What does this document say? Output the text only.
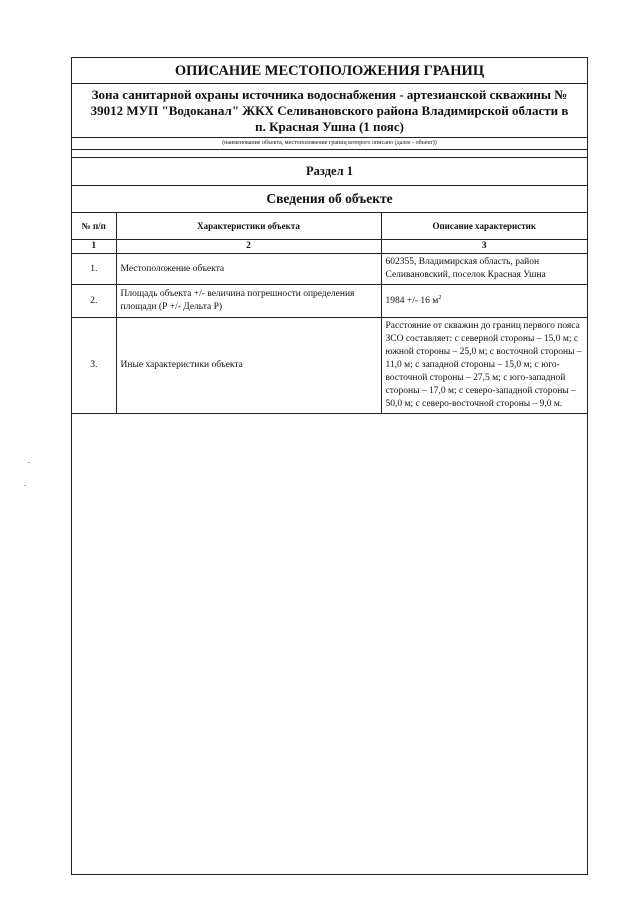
ОПИСАНИЕ МЕСТОПОЛОЖЕНИЯ ГРАНИЦ
Зона санитарной охраны источника водоснабжения - артезианской скважины №
39012 МУП "Водоканал" ЖКХ Селивановского района Владимирской области в
п. Красная Ушна (1 пояс)
(наименование объекта, местоположение границ которого описано (далее - объект))
Раздел 1
Сведения об объекте
№ п/п	Характеристики объекта	Описание характеристик
1	2	3
1.	Местоположение объекта	602355, Владимирская область, район Селивановский, поселок Красная Ушна
2.	Площадь объекта +/- величина погрешности определения площади (Р +/- Дельта Р)	1984 +/- 16 $м^2$
3.	Иные характеристики объекта	Расстояние от скважин до границ первого пояса ЗСО составляет: с северной стороны – 15,0 м; с южной стороны – 25,0 м; с восточной стороны – 11,0 м; с западной стороны – 15,0 м; с юго-восточной стороны – 27,5 м; с юго-западной стороны – 17,0 м; с северо-западной стороны – 50,0 м; с северо-восточной стороны – 9,0 м.
